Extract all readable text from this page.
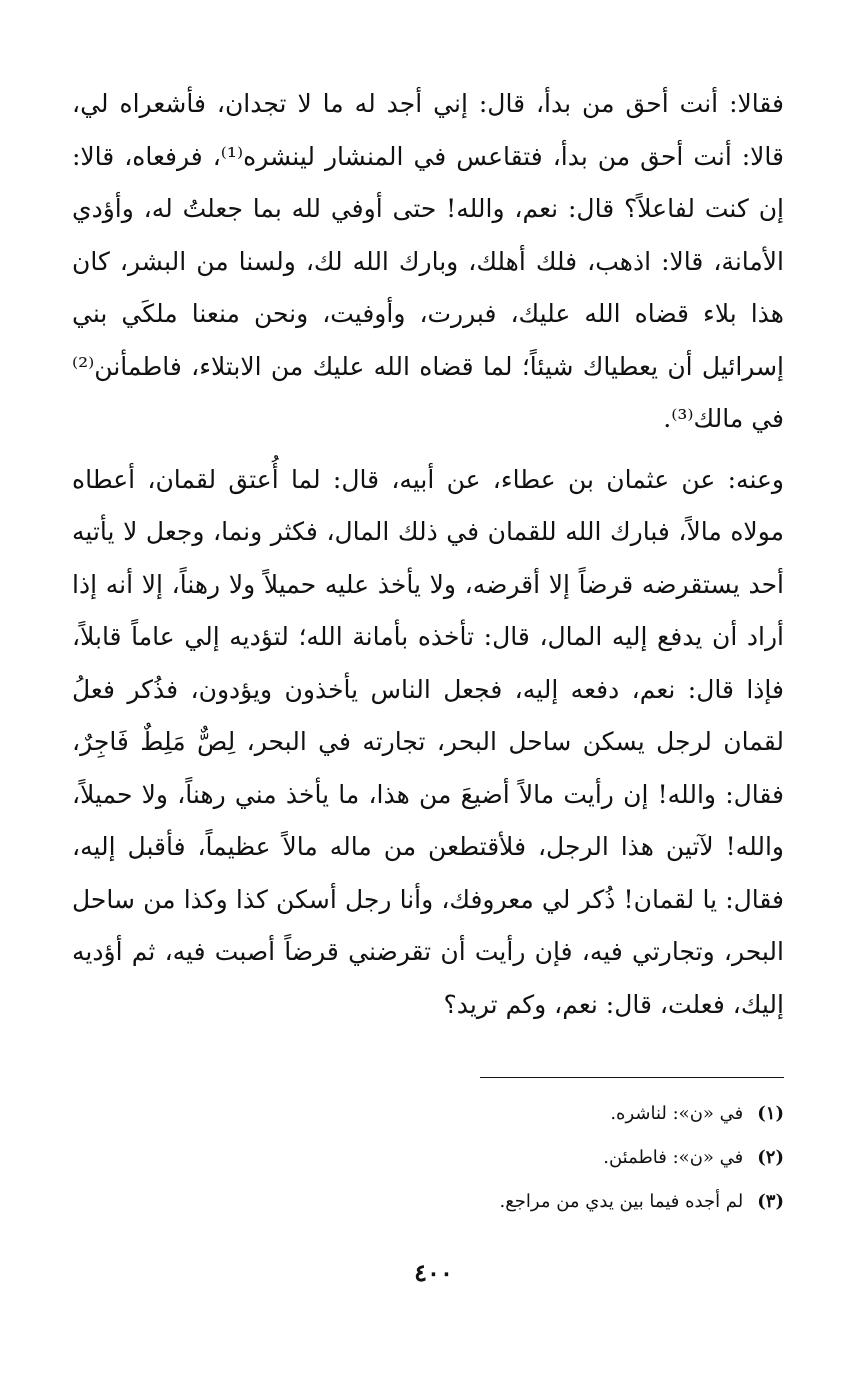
فقالا: أنت أحق من بدأ، قال: إني أجد له ما لا تجدان، فأشعراه لي، قالا: أنت أحق من بدأ، فتقاعس في المنشار لينشره⁽¹⁾، فرفعاه، قالا: إن كنت لفاعلاً؟ قال: نعم، والله! حتى أوفي لله بما جعلتُ له، وأؤدي الأمانة، قالا: اذهب، فلك أهلك، وبارك الله لك، ولسنا من البشر، كان هذا بلاء قضاه الله عليك، فبررت، وأوفيت، ونحن منعنا ملكَي بني إسرائيل أن يعطياك شيئاً؛ لما قضاه الله عليك من الابتلاء، فاطمأنن⁽²⁾ في مالك⁽³⁾.

وعنه: عن عثمان بن عطاء، عن أبيه، قال: لما أُعتق لقمان، أعطاه مولاه مالاً، فبارك الله للقمان في ذلك المال، فكثر ونما، وجعل لا يأتيه أحد يستقرضه قرضاً إلا أقرضه، ولا يأخذ عليه حميلاً ولا رهناً، إلا أنه إذا أراد أن يدفع إليه المال، قال: تأخذه بأمانة الله؛ لتؤديه إلي عاماً قابلاً، فإذا قال: نعم، دفعه إليه، فجعل الناس يأخذون ويؤدون، فذُكر فعلُ لقمان لرجل يسكن ساحل البحر، تجارته في البحر، لِصٌّ مَلِطٌ فَاجِرٌ، فقال: والله! إن رأيت مالاً أضيعَ من هذا، ما يأخذ مني رهناً، ولا حميلاً، والله! لآتين هذا الرجل، فلأقتطعن من ماله مالاً عظيماً، فأقبل إليه، فقال: يا لقمان! ذُكر لي معروفك، وأنا رجل أسكن كذا وكذا من ساحل البحر، وتجارتي فيه، فإن رأيت أن تقرضني قرضاً أصبت فيه، ثم أؤديه إليك، فعلت، قال: نعم، وكم تريد؟

(١)في «ن»: لناشره.

(٢)في «ن»: فاطمئن.

(٣)لم أجده فيما بين يدي من مراجع.

٤٠٠
